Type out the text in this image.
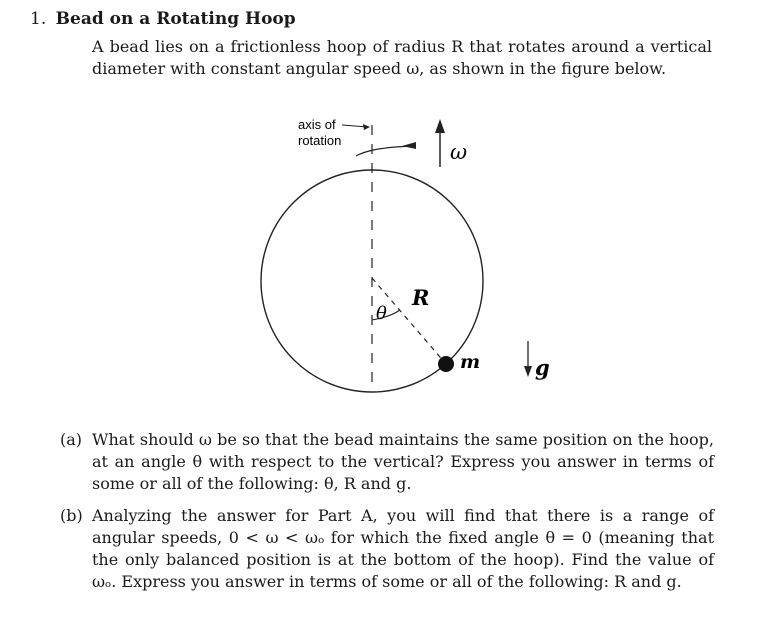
1. Bead on a Rotating Hoop
A bead lies on a frictionless hoop of radius R that rotates around a vertical diameter with constant angular speed ω, as shown in the figure below.
axis of
rotation	ω
R
θ
m	g
(a) What should ω be so that the bead maintains the same position on the hoop, at an angle θ with respect to the vertical? Express you answer in terms of some or all of the following: θ, R and g.
(b) Analyzing the answer for Part A, you will find that there is a range of angular speeds, 0 < ω < ωₒ for which the fixed angle θ = 0 (meaning that the only balanced position is at the bottom of the hoop). Find the value of ωₒ. Express you answer in terms of some or all of the following: R and g.
